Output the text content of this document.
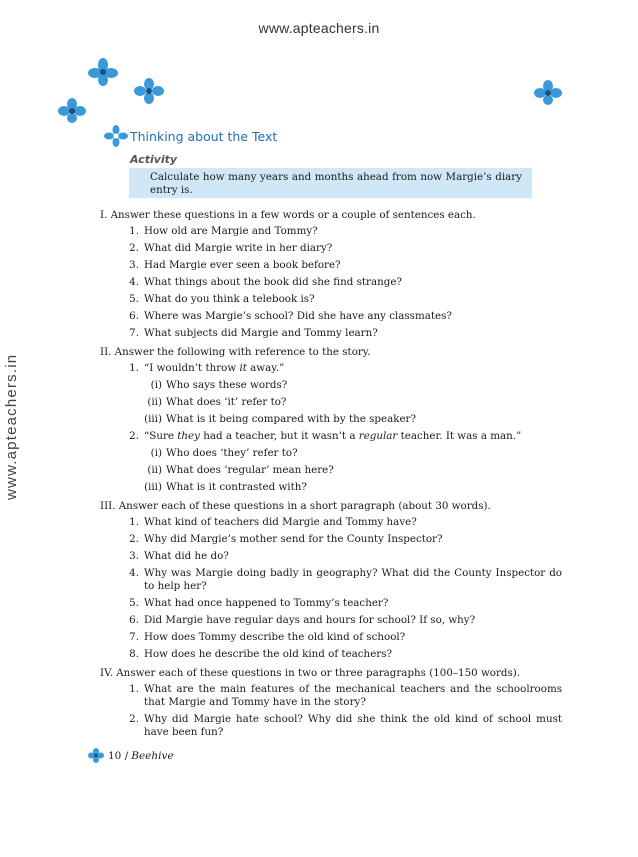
www.apteachers.in
www.apteachers.in
Thinking about the Text
Activity
Calculate how many years and months ahead from now Margie’s diary entry is.
I. Answer these questions in a few words or a couple of sentences each.
1. How old are Margie and Tommy?
2. What did Margie write in her diary?
3. Had Margie ever seen a book before?
4. What things about the book did she find strange?
5. What do you think a telebook is?
6. Where was Margie’s school? Did she have any classmates?
7. What subjects did Margie and Tommy learn?
II. Answer the following with reference to the story.
1. “I wouldn’t throw it away.”
(i) Who says these words?
(ii) What does ‘it’ refer to?
(iii) What is it being compared with by the speaker?
2. “Sure they had a teacher, but it wasn’t a regular teacher. It was a man.”
(i) Who does ‘they’ refer to?
(ii) What does ‘regular’ mean here?
(iii) What is it contrasted with?
III. Answer each of these questions in a short paragraph (about 30 words).
1. What kind of teachers did Margie and Tommy have?
2. Why did Margie’s mother send for the County Inspector?
3. What did he do?
4. Why was Margie doing badly in geography? What did the County Inspector do to help her?
5. What had once happened to Tommy’s teacher?
6. Did Margie have regular days and hours for school? If so, why?
7. How does Tommy describe the old kind of school?
8. How does he describe the old kind of teachers?
IV. Answer each of these questions in two or three paragraphs (100–150 words).
1. What are the main features of the mechanical teachers and the schoolrooms that Margie and Tommy have in the story?
2. Why did Margie hate school? Why did she think the old kind of school must have been fun?
10 / Beehive
